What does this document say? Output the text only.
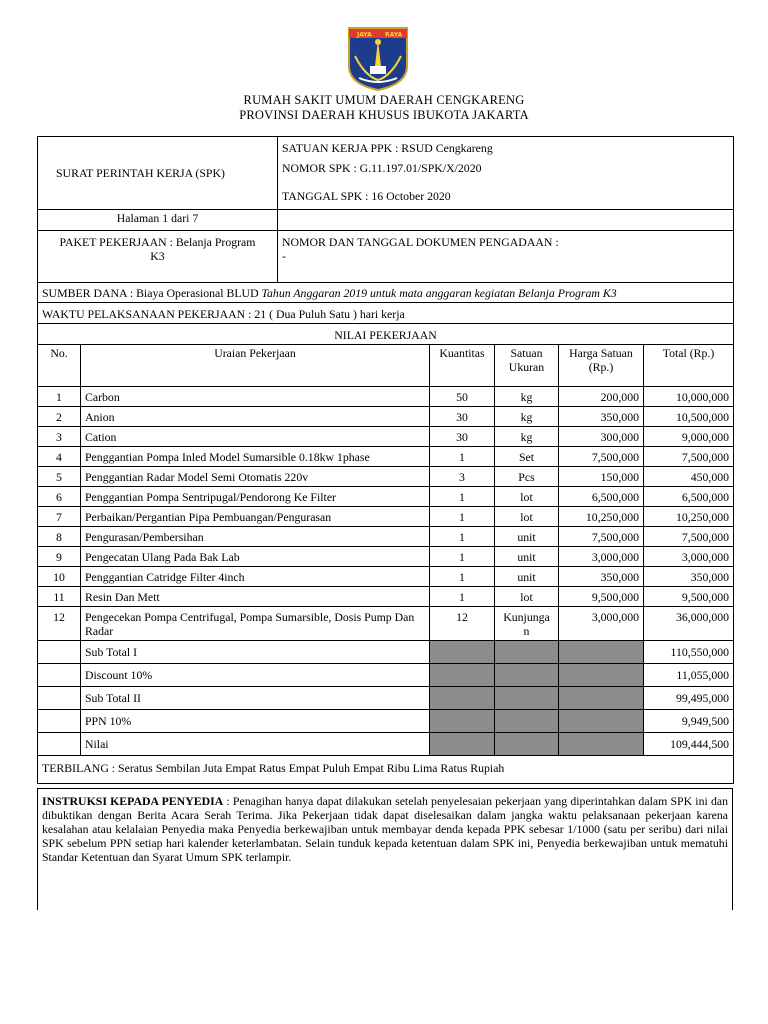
JAYA RAYA
RUMAH SAKIT UMUM DAERAH CENGKARENG
PROVINSI DAERAH KHUSUS IBUKOTA JAKARTA
SURAT PERINTAH KERJA (SPK)	SATUAN KERJA PPK : RSUD Cengkareng
NOMOR SPK : G.11.197.01/SPK/X/2020
TANGGAL SPK : 16 October 2020

Halaman 1 dari 7	
PAKET PEKERJAAN : Belanja Program K3	NOMOR DAN TANGGAL DOKUMEN PENGADAAN :
-
SUMBER DANA : Biaya Operasional BLUD Tahun Anggaran 2019 untuk mata anggaran kegiatan Belanja Program K3					
WAKTU PELAKSANAAN PEKERJAAN : 21 ( Dua Puluh Satu ) hari kerja					
NILAI PEKERJAAN					
No.	Uraian Pekerjaan	Kuantitas	Satuan Ukuran	Harga Satuan (Rp.)	Total (Rp.)
1	Carbon	50	kg	200,000	10,000,000
2	Anion	30	kg	350,000	10,500,000
3	Cation	30	kg	300,000	9,000,000
4	Penggantian Pompa Inled Model Sumarsible 0.18kw 1phase	1	Set	7,500,000	7,500,000
5	Penggantian Radar Model Semi Otomatis 220v	3	Pcs	150,000	450,000
6	Penggantian Pompa Sentripugal/Pendorong Ke Filter	1	lot	6,500,000	6,500,000
7	Perbaikan/Pergantian Pipa Pembuangan/Pengurasan	1	lot	10,250,000	10,250,000
8	Pengurasan/Pembersihan	1	unit	7,500,000	7,500,000
9	Pengecatan Ulang Pada Bak Lab	1	unit	3,000,000	3,000,000
10	Penggantian Catridge Filter 4inch	1	unit	350,000	350,000
11	Resin Dan Mett	1	lot	9,500,000	9,500,000
12	Pengecekan Pompa Centrifugal, Pompa Sumarsible, Dosis Pump Dan Radar	12	Kunjunga n	3,000,000	36,000,000
	Sub Total I				110,550,000
	Discount 10%				11,055,000
	Sub Total II				99,495,000
	PPN 10%				9,949,500
	Nilai				109,444,500
TERBILANG : Seratus Sembilan Juta Empat Ratus Empat Puluh Empat Ribu Lima Ratus Rupiah					
INSTRUKSI KEPADA PENYEDIA : Penagihan hanya dapat dilakukan setelah penyelesaian pekerjaan yang diperintahkan dalam SPK ini dan dibuktikan dengan Berita Acara Serah Terima. Jika Pekerjaan tidak dapat diselesaikan dalam jangka waktu pelaksanaan pekerjaan karena kesalahan atau kelalaian Penyedia maka Penyedia berkewajiban untuk membayar denda kepada PPK sebesar 1/1000 (satu per seribu) dari nilai SPK sebelum PPN setiap hari kalender keterlambatan. Selain tunduk kepada ketentuan dalam SPK ini, Penyedia berkewajiban untuk mematuhi Standar Ketentuan dan Syarat Umum SPK terlampir.
